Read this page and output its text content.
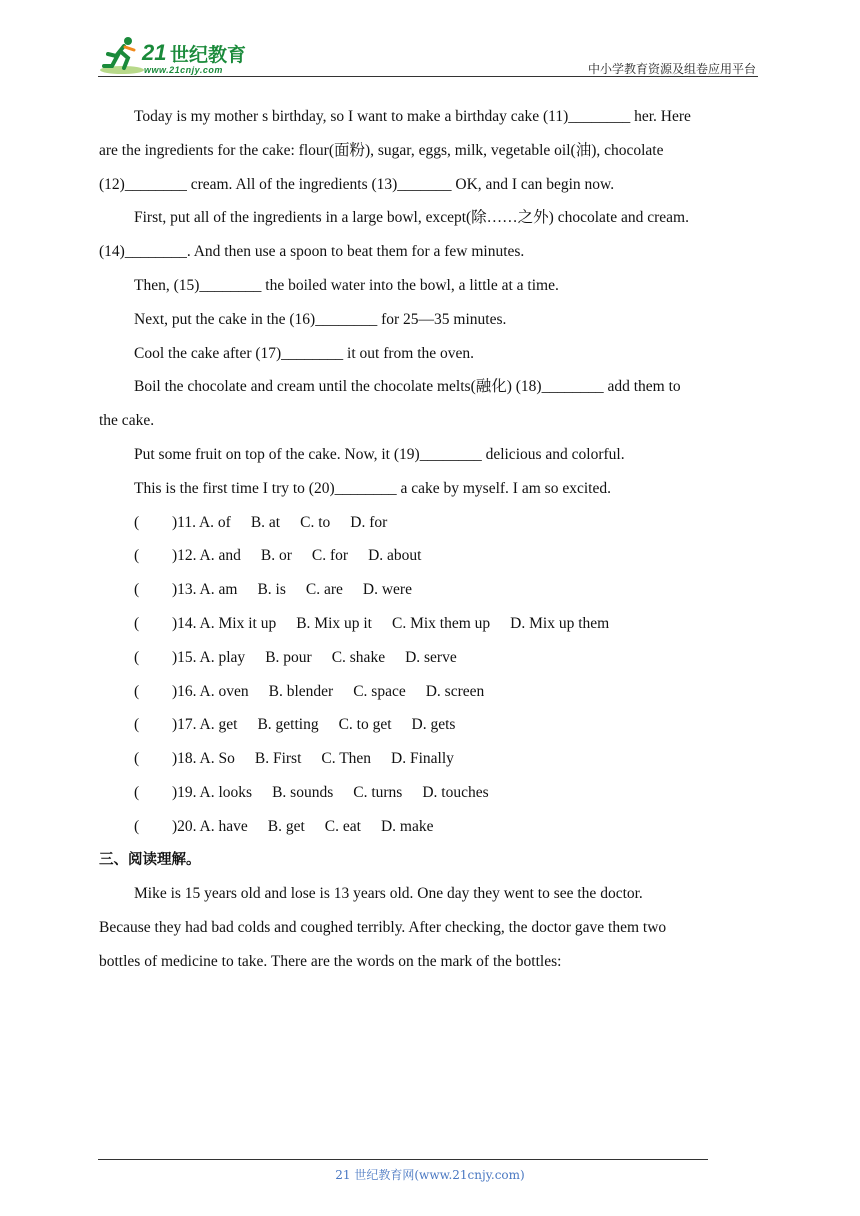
21 世纪教育
www.21cnjy.com	中小学教育资源及组卷应用平台

Today is my mother s birthday, so I want to make a birthday cake (11)________ her. Here

are the ingredients for the cake: flour(面粉), sugar, eggs, milk, vegetable oil(油), chocolate

(12)________ cream. All of the ingredients (13)_______ OK, and I can begin now.

First, put all of the ingredients in a large bowl, except(除……之外) chocolate and cream.

(14)________. And then use a spoon to beat them for a few minutes.

Then, (15)________ the boiled water into the bowl, a little at a time.

Next, put the cake in the (16)________ for 25—35 minutes.

Cool the cake after (17)________ it out from the oven.

Boil the chocolate and cream until the chocolate melts(融化) (18)________ add them to

the cake.

Put some fruit on top of the cake. Now, it (19)________ delicious and colorful.

This is the first time I try to (20)________ a cake by myself. I am so excited.

( )11. A. of B. at C. to D. for
( )12. A. and B. or C. for D. about
( )13. A. am B. is C. are D. were
( )14. A. Mix it up B. Mix up it C. Mix them up D. Mix up them
( )15. A. play B. pour C. shake D. serve
( )16. A. oven B. blender C. space D. screen
( )17. A. get B. getting C. to get D. gets
( )18. A. So B. First C. Then D. Finally
( )19. A. looks B. sounds C. turns D. touches
( )20. A. have B. get C. eat D. make
三、阅读理解。

Mike is 15 years old and lose is 13 years old. One day they went to see the doctor.

Because they had bad colds and coughed terribly. After checking, the doctor gave them two

bottles of medicine to take. There are the words on the mark of the bottles:

21 世纪教育网(www.21cnjy.com)
